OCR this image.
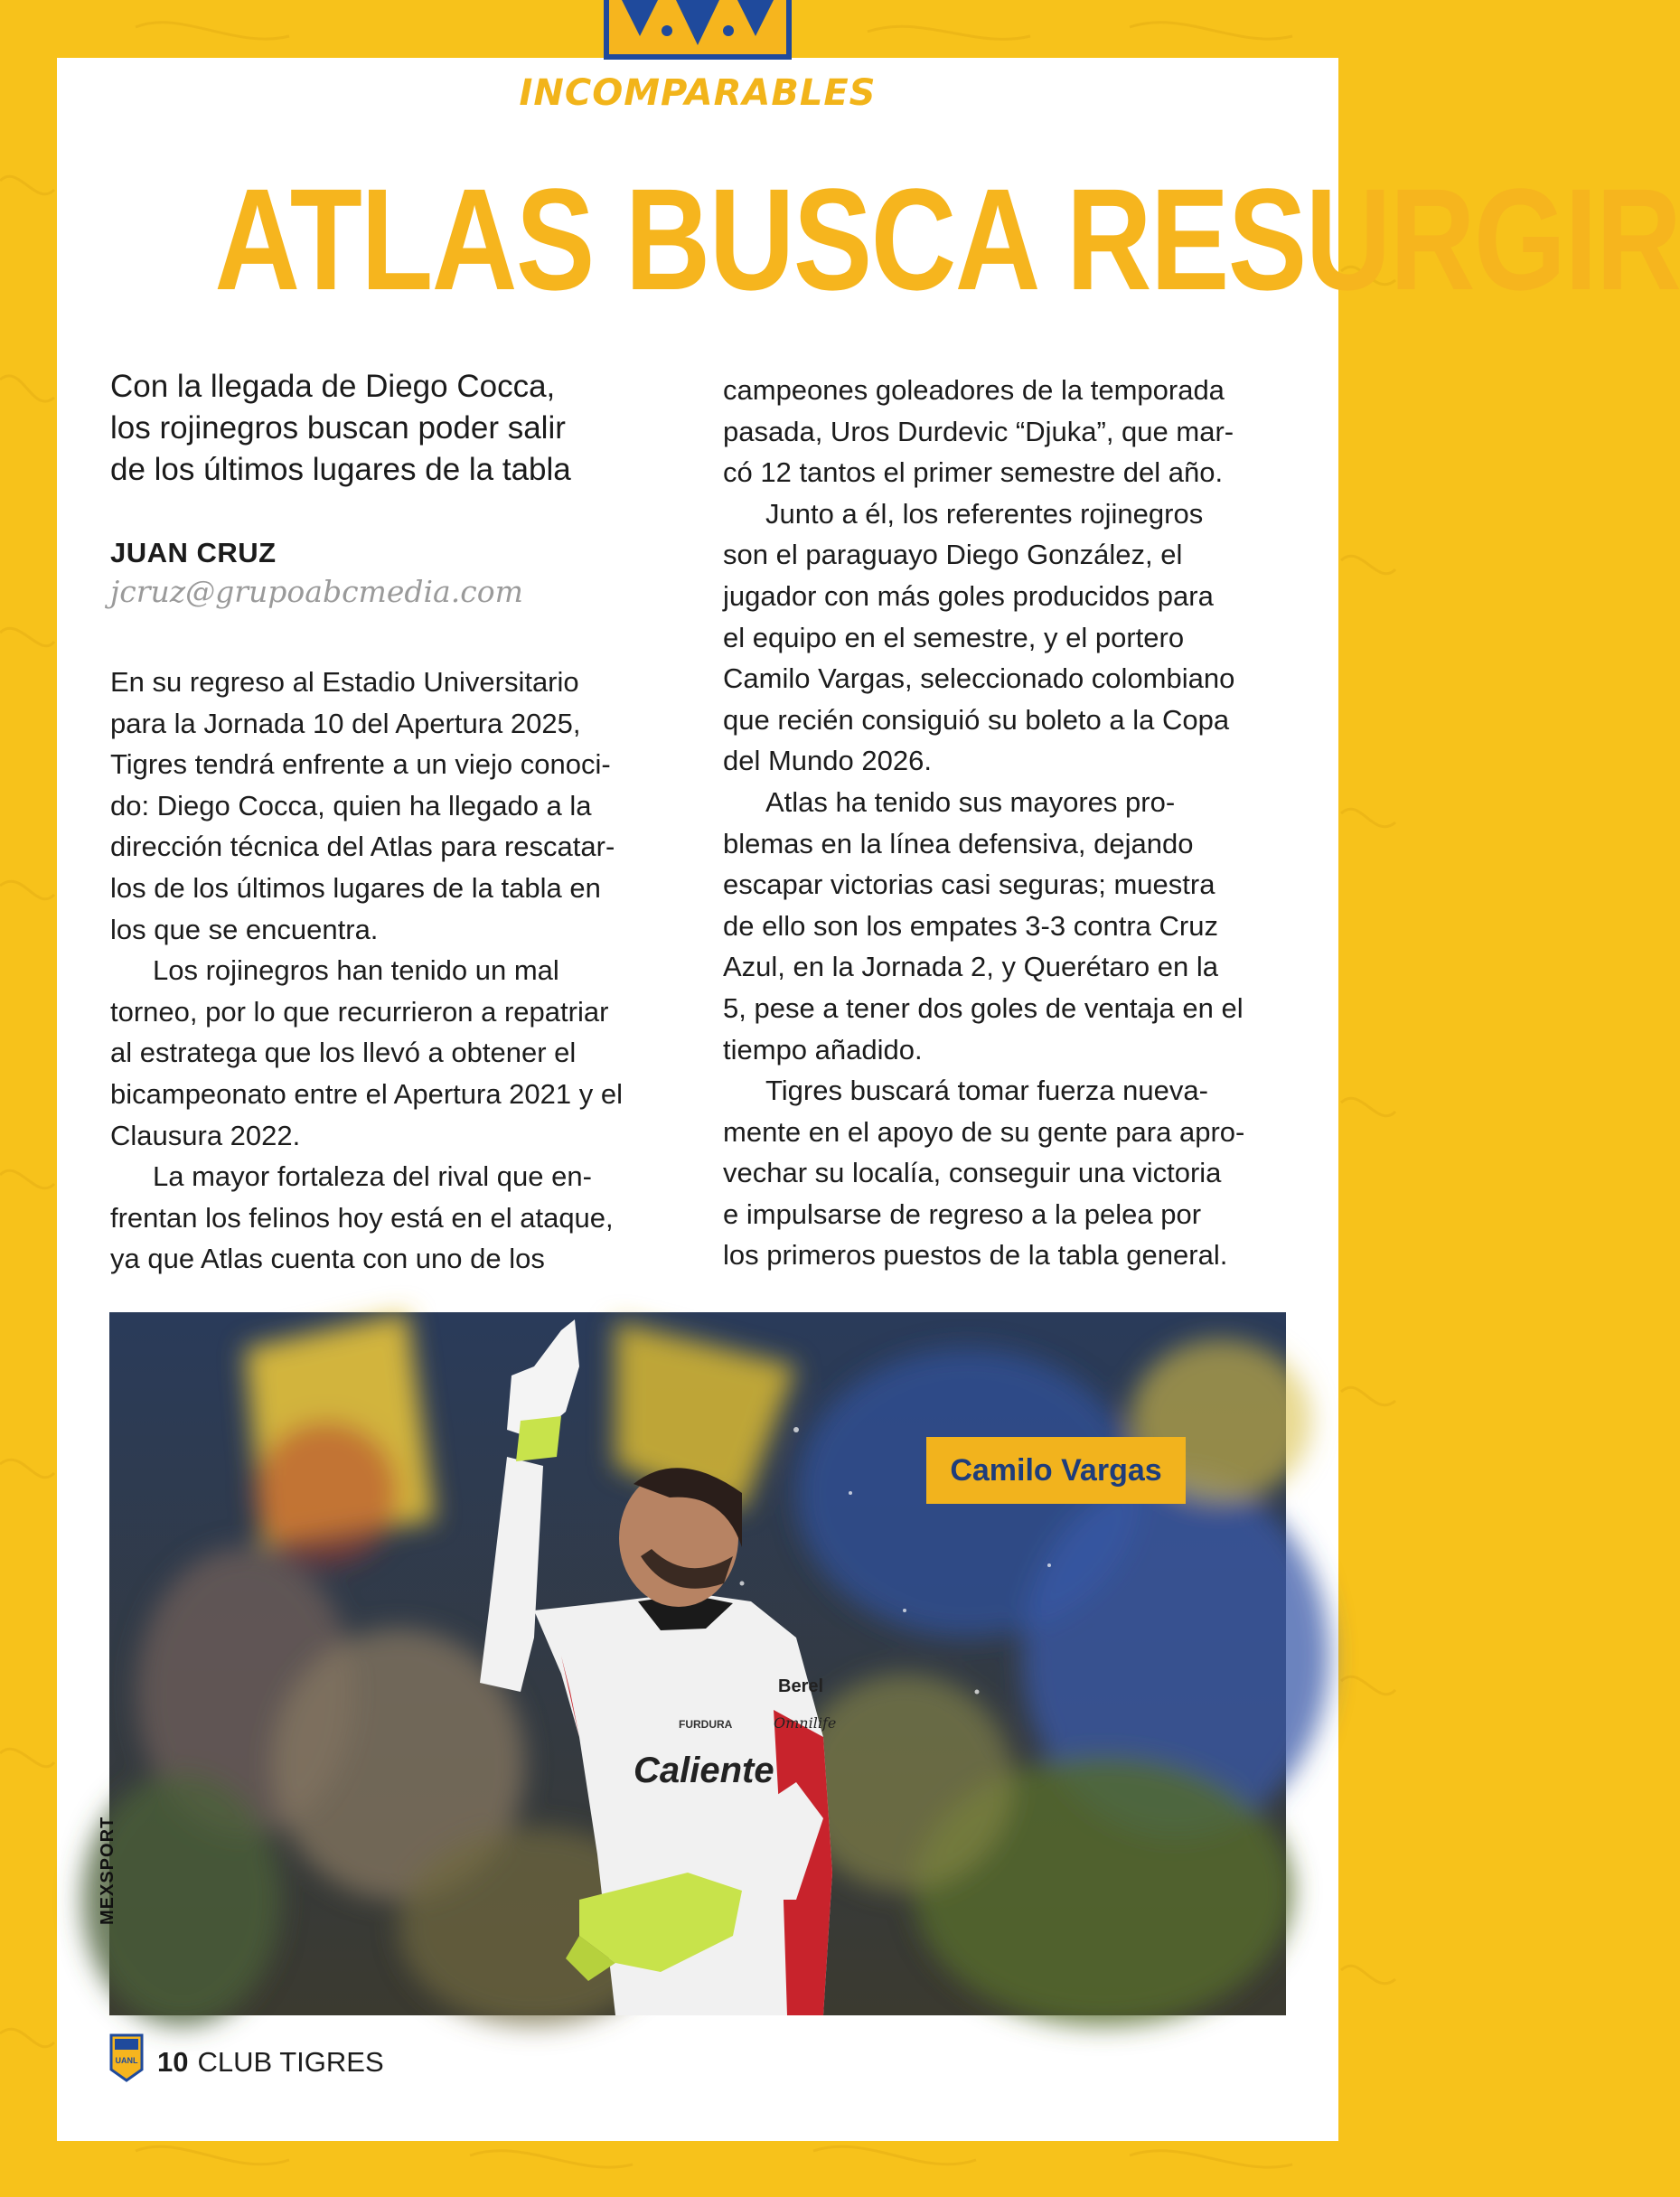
INCOMPARABLES
ATLAS BUSCA RESURGIR
Con la llegada de Diego Cocca,
los rojinegros buscan poder salir
de los últimos lugares de la tabla
JUAN CRUZ
jcruz@grupoabcmedia.com
En su regreso al Estadio Universitario
para la Jornada 10 del Apertura 2025,
Tigres tendrá enfrente a un viejo conoci-
do: Diego Cocca, quien ha llegado a la
dirección técnica del Atlas para rescatar-
los de los últimos lugares de la tabla en
los que se encuentra.
Los rojinegros han tenido un mal
torneo, por lo que recurrieron a repatriar
al estratega que los llevó a obtener el
bicampeonato entre el Apertura 2021 y el
Clausura 2022.
La mayor fortaleza del rival que en-
frentan los felinos hoy está en el ataque,
ya que Atlas cuenta con uno de los
campeones goleadores de la temporada
pasada, Uros Durdevic “Djuka”, que mar-
có 12 tantos el primer semestre del año.
Junto a él, los referentes rojinegros
son el paraguayo Diego González, el
jugador con más goles producidos para
el equipo en el semestre, y el portero
Camilo Vargas, seleccionado colombiano
que recién consiguió su boleto a la Copa
del Mundo 2026.
Atlas ha tenido sus mayores pro-
blemas en la línea defensiva, dejando
escapar victorias casi seguras; muestra
de ello son los empates 3-3 contra Cruz
Azul, en la Jornada 2, y Querétaro en la
5, pese a tener dos goles de ventaja en el
tiempo añadido.
Tigres buscará tomar fuerza nueva-
mente en el apoyo de su gente para apro-
vechar su localía, conseguir una victoria
e impulsarse de regreso a la pelea por
los primeros puestos de la tabla general.
Caliente
Berel
Omnilife
FURDURA
Camilo Vargas
MEXSPORT
UANL 10 CLUB TIGRES
